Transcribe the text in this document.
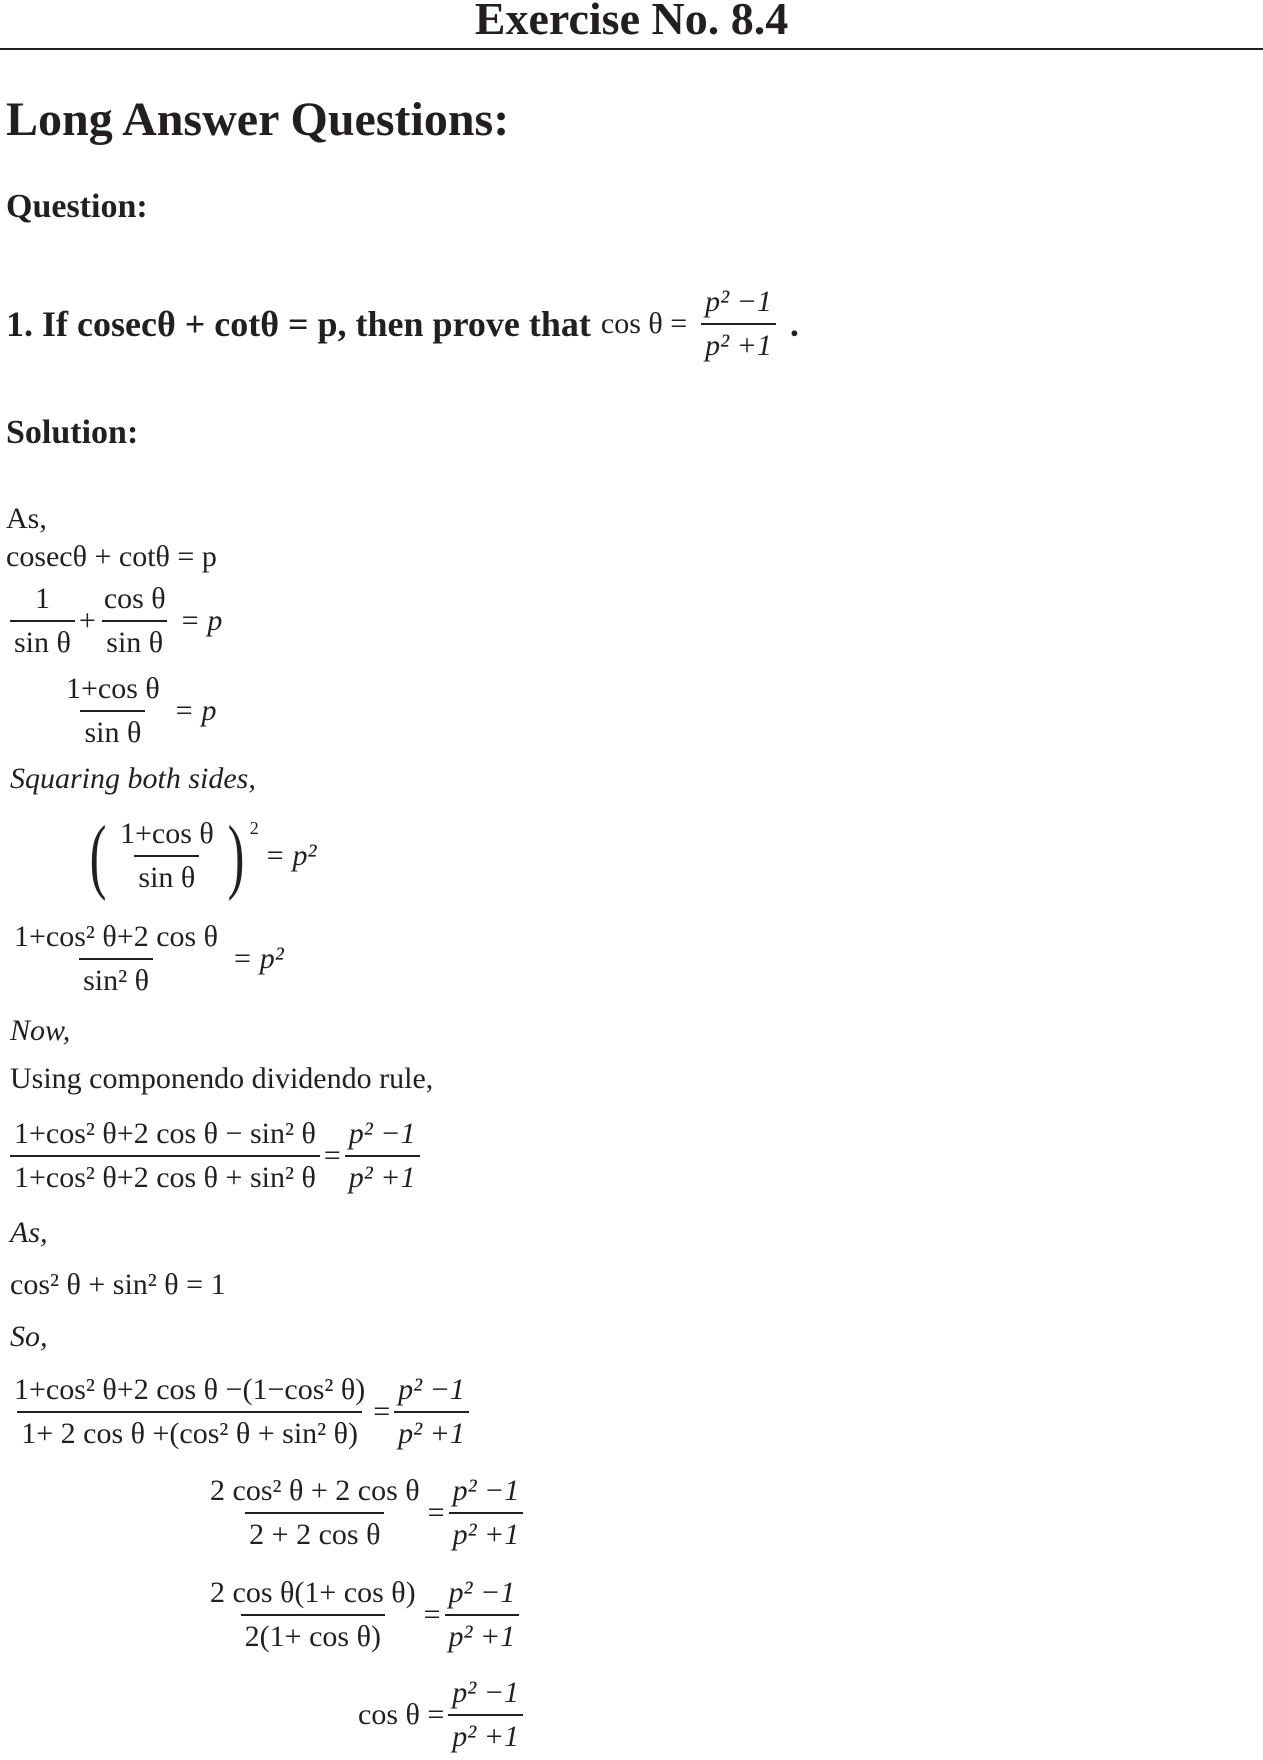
Exercise No. 8.4
Long Answer Questions:
Question:
1. If cosecθ + cotθ = p, then prove that $\cos \theta = \frac{\text{p² −1}}{\text{p² +1}}$ .
Solution:
As,
cosecθ + cotθ = p
$\frac{1}{\text{sin θ}} + \frac{\text{cos θ}}{\text{sin θ}} = p$
$\frac{\text{1+cos θ}}{\text{sin θ}} = p$
Squaring both sides,
( $\frac{\text{1+cos θ}}{\text{sin θ}}$ ) 2
= p²
$\frac{\text{1+cos² θ+2 cos θ}}{\text{sin² θ}} = p^2$
Now,
Using componendo dividendo rule,
$\frac{\text{1+cos² θ+2 cos θ − sin² θ}}{\text{1+cos² θ+2 cos θ + sin² θ}} = \frac{\text{p² −1}}{\text{p² +1}}$
As,
cos² θ + sin² θ = 1
So,
$\frac{\text{1+cos² θ+2 cos θ −(1−cos² θ)}}{\text{1+ 2 cos θ +(cos² θ + sin² θ)}} = \frac{\text{p² −1}}{\text{p² +1}}$
$\frac{\text{2 cos² θ + 2 cos θ}}{\text{2 + 2 cos θ}} = \frac{\text{p² −1}}{\text{p² +1}}$
$\frac{\text{2 cos θ(1+ cos θ)}}{\text{2(1+ cos θ)}} = \frac{\text{p² −1}}{\text{p² +1}}$
$\cos \theta = \frac{\text{p² −1}}{\text{p² +1}}$
